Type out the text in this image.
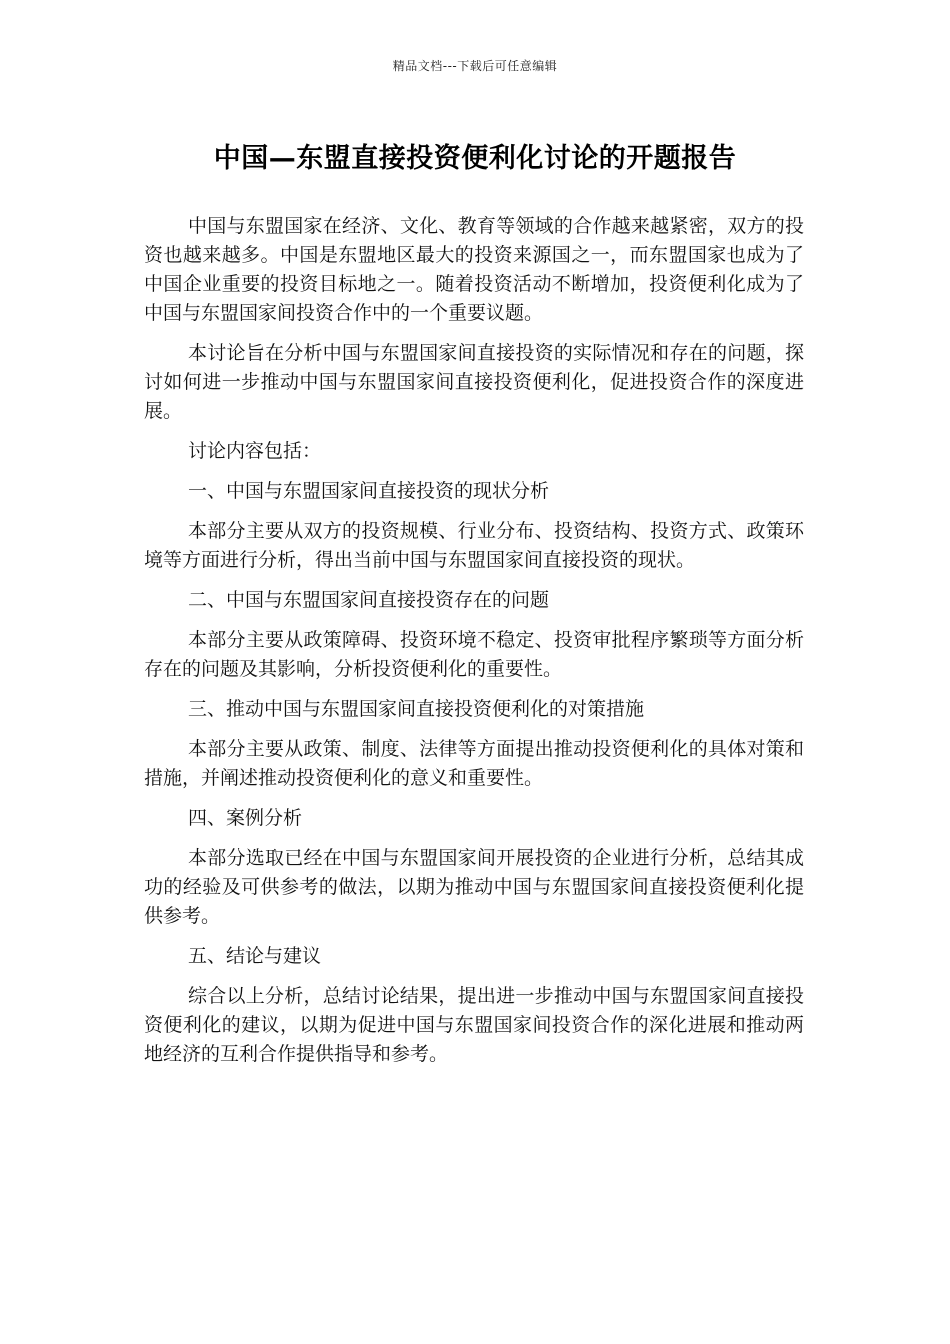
精品文档---下载后可任意编辑
中国—东盟直接投资便利化讨论的开题报告

中国与东盟国家在经济、文化、教育等领域的合作越来越紧密，双方的投资也越来越多。中国是东盟地区最大的投资来源国之一，而东盟国家也成为了中国企业重要的投资目标地之一。随着投资活动不断增加，投资便利化成为了中国与东盟国家间投资合作中的一个重要议题。

本讨论旨在分析中国与东盟国家间直接投资的实际情况和存在的问题，探讨如何进一步推动中国与东盟国家间直接投资便利化，促进投资合作的深度进展。

讨论内容包括：

一、中国与东盟国家间直接投资的现状分析

本部分主要从双方的投资规模、行业分布、投资结构、投资方式、政策环境等方面进行分析，得出当前中国与东盟国家间直接投资的现状。

二、中国与东盟国家间直接投资存在的问题

本部分主要从政策障碍、投资环境不稳定、投资审批程序繁琐等方面分析存在的问题及其影响，分析投资便利化的重要性。

三、推动中国与东盟国家间直接投资便利化的对策措施

本部分主要从政策、制度、法律等方面提出推动投资便利化的具体对策和措施，并阐述推动投资便利化的意义和重要性。

四、案例分析

本部分选取已经在中国与东盟国家间开展投资的企业进行分析，总结其成功的经验及可供参考的做法，以期为推动中国与东盟国家间直接投资便利化提供参考。

五、结论与建议

综合以上分析，总结讨论结果，提出进一步推动中国与东盟国家间直接投资便利化的建议，以期为促进中国与东盟国家间投资合作的深化进展和推动两地经济的互利合作提供指导和参考。
